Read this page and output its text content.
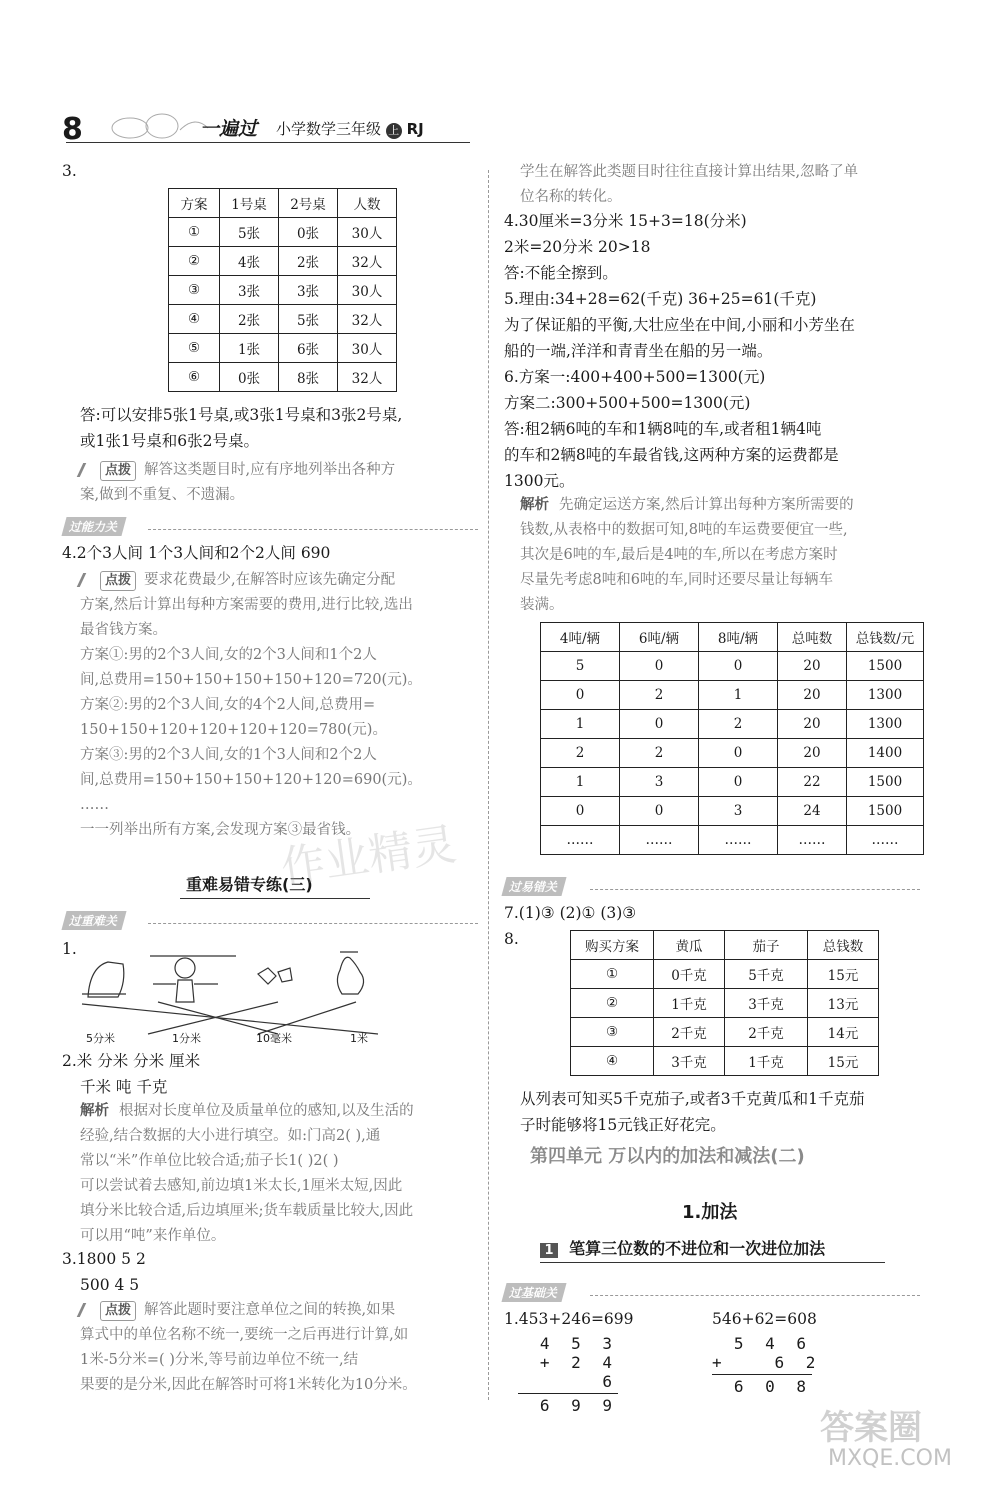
8	一遍过 小学数学三年级 上 RJ
3.
方案	1号桌	2号桌	人数
①	5张	0张	30人
②	4张	2张	32人
③	3张	3张	30人
④	2张	5张	32人
⑤	1张	6张	30人
⑥	0张	8张	32人
答:可以安排5张1号桌,或3张1号桌和3张2号桌,
或1张1号桌和6张2号桌。
点拨 解答这类题目时,应有序地列举出各种方
案,做到不重复、不遗漏。
过能力关
4.2个3人间 1个3人间和2个2人间 690
点拨 要求花费最少,在解答时应该先确定分配
方案,然后计算出每种方案需要的费用,进行比较,选出
最省钱方案。
方案①:男的2个3人间,女的2个3人间和1个2人
间,总费用=150+150+150+150+120=720(元)。
方案②:男的2个3人间,女的4个2人间,总费用=
150+150+120+120+120+120=780(元)。
方案③:男的2个3人间,女的1个3人间和2个2人
间,总费用=150+150+150+120+120=690(元)。
……
一一列举出所有方案,会发现方案③最省钱。
重难易错专练(三)
过重难关
1.
5分米	1分米	10毫米	1米
2.米 分米 分米 厘米
千米 吨 千克
解析 根据对长度单位及质量单位的感知,以及生活的
经验,结合数据的大小进行填空。如:门高2( ),通
常以“米”作单位比较合适;茄子长1( )2( )
可以尝试着去感知,前边填1米太长,1厘米太短,因此
填分米比较合适,后边填厘米;货车载质量比较大,因此
可以用“吨”来作单位。
3.1800 5 2
500 4 5
点拨 解答此题时要注意单位之间的转换,如果
算式中的单位名称不统一,要统一之后再进行计算,如
1米-5分米=( )分米,等号前边单位不统一,结
果要的是分米,因此在解答时可将1米转化为10分米。
学生在解答此类题目时往往直接计算出结果,忽略了单
位名称的转化。
4.30厘米=3分米 15+3=18(分米)
2米=20分米 20>18
答:不能全擦到。
5.理由:34+28=62(千克) 36+25=61(千克)
为了保证船的平衡,大壮应坐在中间,小丽和小芳坐在
船的一端,洋洋和青青坐在船的另一端。
6.方案一:400+400+500=1300(元)
方案二:300+500+500=1300(元)
答:租2辆6吨的车和1辆8吨的车,或者租1辆4吨
的车和2辆8吨的车最省钱,这两种方案的运费都是
1300元。
解析 先确定运送方案,然后计算出每种方案所需要的
钱数,从表格中的数据可知,8吨的车运费要便宜一些,
其次是6吨的车,最后是4吨的车,所以在考虑方案时
尽量先考虑8吨和6吨的车,同时还要尽量让每辆车
装满。
4吨/辆	6吨/辆	8吨/辆	总吨数	总钱数/元
5	0	0	20	1500
0	2	1	20	1300
1	0	2	20	1300
2	2	0	20	1400
1	3	0	22	1500
0	0	3	24	1500
……	……	……	……	……
过易错关
7.(1)③ (2)① (3)③
8.	购买方案	黄瓜	茄子	总钱数
①	0千克	5千克	15元
②	1千克	3千克	13元
③	2千克	2千克	14元
④	3千克	1千克	15元
从列表可知买5千克茄子,或者3千克黄瓜和1千克茄
子时能够将15元钱正好花完。
第四单元 万以内的加法和减法(二)
1.加法
1 笔算三位数的不进位和一次进位加法
过基础关
1.453+246=699	546+62=608
4 5 3
+ 2 4 6
6 9 9
5 4 6
+   6 2
6 0 8
作业精灵
答案圈
MXQE.COM
